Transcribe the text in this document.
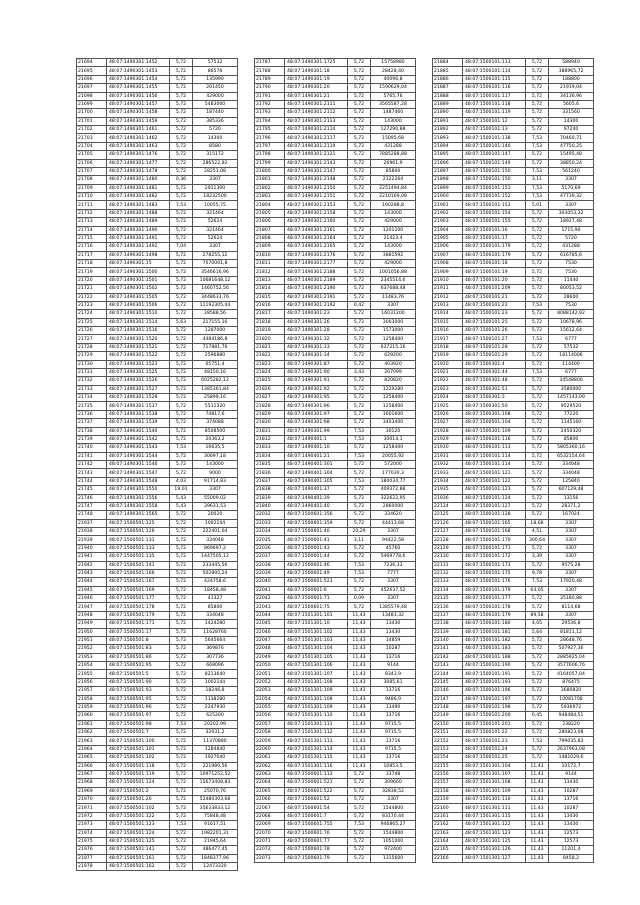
21694	48:07:1490301:1452	5,72	57532
21695	48:07:1490301:1453	5,72	86576
21696	48:07:1490301:1454	5,72	135990
21697	48:07:1490301:1455	5,72	201450
21698	48:07:1490301:1456	5,72	429000
21699	48:07:1490301:1457	5,72	5483000
21700	48:07:1490301:1458	5,72	187440
21701	48:07:1490301:1459	5,72	385336
21702	48:07:1490301:1461	5,72	5720
21703	48:07:1490301:1462	5,72	14300
21704	48:07:1490301:1463	5,72	8580
21705	48:07:1490301:1476	5,72	315172
21706	48:07:1490301:1477	5,72	286522,92
21707	48:07:1490301:1478	5,72	28251,08
21708	48:07:1490301:1480	0,36	3307
21709	48:07:1490301:1481	5,72	2911300
21710	48:07:1490301:1482	5,72	18232500
21711	48:07:1490301:1483	7,53	10055,75
21712	48:07:1490301:1488	5,72	321464
21713	48:07:1490301:1489	5,72	52624
21714	48:07:1490301:1490	5,72	321464
21715	48:07:1490301:1491	5,72	52624
21716	48:07:1490301:1492	7,04	3307
21717	48:07:1490301:1498	5,72	278255,12
21718	48:07:1490301:15	5,72	7070001,8
21719	48:07:1490301:1500	5,72	3546616,96
21720	48:07:1490301:1501	5,72	10681648,12
21721	48:07:1490301:1502	5,72	1460752,56
21722	48:07:1490301:1505	5,72	3448633,76
21723	48:07:1490301:1506	5,72	11192305,44
21724	48:07:1490301:1510	5,72	28588,56
21725	48:07:1490301:1514	5,63	217155,16
21726	48:07:1490301:1516	5,72	1287000
21727	48:07:1490301:1520	5,72	4484186,8
21728	48:07:1490301:1521	5,72	717881,76
21729	48:07:1490301:1522	5,72	2596880
21730	48:07:1490301:1523	5,72	65751,4
21731	48:07:1490301:1525	5,72	48150,16
21732	48:07:1490301:1526	5,72	6025282,12
21733	48:07:1490301:1527	5,72	1385361,84
21734	48:07:1490301:1528	5,72	25899,16
21735	48:07:1490301:1537	5,72	5511320
21736	48:07:1490301:1538	5,72	74817,6
21737	48:07:1490301:1539	5,72	374088
21738	48:07:1490301:1540	5,72	8508500
21739	48:07:1490301:1542	5,72	20363,2
21740	48:07:1490301:1543	7,53	16635,5
21741	48:07:1490301:1544	5,72	30697,18
21742	48:07:1490301:1546	5,72	143000
21743	48:07:1490301:1547	5,72	9000
21744	48:07:1490301:1548	4,03	91714,83
21745	48:07:1490301:1550	19,01	3307
21746	48:07:1490301:1556	5,43	55009,02
21747	48:07:1490301:1558	5,43	39631,53
21748	48:07:1490301:1565	5,72	20020
21937	48:07:1500501:125	5,72	1002144
21938	48:07:1500501:126	5,72	222401,04
21939	48:07:1500501:131	5,72	334048
21940	48:07:1500501:133	5,72	869697,2
21941	48:07:1500501:135	5,72	1447505,12
21942	48:07:1500501:141	5,72	233445,56
21943	48:07:1500501:166	5,72	502895,24
21944	48:07:1500501:167	5,72	424758,6
21945	48:07:1500501:169	5,72	18458,48
21946	48:07:1500501:177	5,72	41327
21947	48:07:1500501:178	5,72	85800
21948	48:07:1500501:179	5,72	334048
21949	48:07:1500501:171	5,72	1424280
21950	48:07:1500501:17	5,72	11628760
21951	48:07:1500501:8	5,72	5645664
21952	48:07:1500501:83	5,72	369876
21953	48:07:1500501:86	5,72	307736
21954	48:07:1500501:95	5,72	668096
21955	48:07:1500501:5	5,72	8213640
21956	48:07:1500501:90	5,72	1002144
21957	48:07:1500501:93	5,72	18246,8
21958	48:07:1500501:95	5,72	1138280
21959	48:07:1500501:96	5,72	2247930
21960	48:07:1500501:97	5,72	625200
21961	48:07:1500501:98	7,53	20202,99
21962	48:07:1500501:7	5,72	32031,2
21963	48:07:1500501:100	5,72	11370880
21964	48:07:1500501:101	5,72	1284840
21965	48:07:1500501:102	5,72	1927040
21966	48:07:1500501:118	5,72	221980,56
21967	48:07:1500501:119	5,72	10971252,52
21968	48:07:1500501:124	5,72	15673408,83
21969	48:07:1500501:2	5,72	25070,76
21970	48:07:1500501:26	5,72	52480303,68
21971	48:07:1500501:102	5,72	35633833,12
21972	48:07:1500501:122	5,72	75848,48
21973	48:07:1500501:123	7,53	91617,51
21974	48:07:1500501:124	5,72	1982201,31
21975	48:07:1500501:125	5,72	21945,64
21976	48:07:1500501:141	5,72	486477,45
21977	48:07:1500501:161	5,72	1848377,96
21978	48:07:1500501:162	5,72	12473320
21787	48:07:1490301:1725	5,72	15758980
21788	48:07:1490301:18	5,72	28428,40
21789	48:07:1490301:19	5,72	40096,8
21790	48:07:1490301:20	5,72	1590629,04
21791	48:07:1490301:21	5,72	5765,76
21792	48:07:1490301:2111	5,72	3565587,28
21793	48:07:1490301:2112	5,72	1487460
21794	48:07:1490301:2113	5,72	143000
21795	48:07:1490301:2114	5,72	127290,88
21796	48:07:1490301:2117	5,72	15095,68
21797	48:07:1490301:2119	5,72	431288
21798	48:07:1490301:2121	5,72	7885288,88
21799	48:07:1490301:2143	5,72	26961,9
21800	48:07:1490301:2147	5,72	85800
21801	48:07:1490301:2148	5,72	2122264
21802	48:07:1490301:2150	5,72	2251494,84
21803	48:07:1490301:2151	5,72	2210169,08
21804	48:07:1490301:2153	5,72	160288,8
21805	48:07:1490301:2158	5,72	143000
21806	48:07:1490301:2160	5,72	429000
21807	48:07:1490301:2161	5,72	1201200
21808	48:07:1490301:2164	5,72	21423,4
21809	48:07:1490301:2165	5,72	143000
21810	48:07:1490301:2176	5,72	3881592
21811	48:07:1490301:2177	5,72	429000
21812	48:07:1490301:2188	5,72	1001056,88
21813	48:07:1490301:2189	5,72	2345514,6
21814	48:07:1490301:2190	5,72	637688,48
21815	48:07:1490301:2191	5,72	11483,76
21816	48:07:1490301:2192	0,42	3307
21817	48:07:1490301:23	5,72	16031200
21818	48:07:1490301:26	5,72	3003000
21819	48:07:1490301:28	5,72	1573000
21820	48:07:1490301:32	5,72	1258400
21821	48:07:1490301:33	5,72	637215,16
21822	48:07:1490301:34	5,72	629200
21823	48:07:1490301:87	5,72	403920
21824	48:07:1490301:90	3,43	207099
21825	48:07:1490301:91	5,72	820820
21826	48:07:1490301:92	5,72	1229280
21827	48:07:1490301:95	5,72	1258400
21828	48:07:1490301:96	5,72	1258400
21829	48:07:1490301:97	5,72	1601600
21830	48:07:1490301:98	5,72	3403400
21831	48:07:1490301:99	7,53	30120
21832	48:07:1490401:1	7,53	30014,1
21833	48:07:1490401:10	5,72	1258400
21834	48:07:1490401:21	7,53	20055,92
21835	48:07:1490401:301	5,72	572000
21836	48:07:1490401:304	5,72	177030,3
21837	48:07:1490401:305	7,53	180034,77
21838	48:07:1490401:37	5,72	409372,88
21839	48:07:1490401:39	5,72	322622,95
21840	48:07:1490401:40	5,72	2860000
22032	48:07:1500601:356	5,72	334620
22033	48:07:1500601:359	5,72	44413,68
22034	48:07:1500601:40	20,29	3307
22035	48:07:1500601:41	3,11	94422,58
22036	48:07:1500601:43	5,72	45760
22037	48:07:1500601:44	5,72	5469778,6
22038	48:07:1500601:46	7,53	7236,33
22039	48:07:1500601:49	7,53	7777
22040	48:07:1500601:523	5,72	3307
22041	48:07:1500601:6	5,72	452637,52
22042	48:07:1500601:71	0,09	3307
22043	48:07:1500601:75	5,72	1385579,48
22044	48:07:1501301:101	11,43	13483,32
22045	48:07:1501301:10	11,43	13430
22046	48:07:1501301:102	11,43	13430
22047	48:07:1501301:103	11,43	14859
22048	48:07:1501301:104	11,43	10287
22049	48:07:1501301:105	11,43	13716
22050	48:07:1501301:106	11,43	9144
22051	48:07:1501301:107	11,43	8343,9
22052	48:07:1501301:108	11,43	3085,61
22053	48:07:1501301:109	11,43	13716
22054	48:07:1501301:108	11,43	9486,9
22055	48:07:1501301:109	11,43	13490
22056	48:07:1501301:110	11,43	13716
22057	48:07:1501301:111	11,43	9715,5
22058	48:07:1501301:112	11,43	9715,5
22059	48:07:1501301:113	11,43	13716
22060	48:07:1501301:114	11,43	9715,5
22061	48:07:1501301:115	11,43	13716
22062	48:07:1501301:116	11,43	10853,5
22063	48:07:1500601:113	5,72	33748
22064	48:07:1500601:521	5,72	309660
22065	48:07:1500601:522	5,72	32838,52
22066	48:07:1500601:52	5,72	3307
22067	48:07:1500601:54	5,72	1544800
22068	48:07:1500601:7	5,72	83170,44
22069	48:07:1500601:755	7,53	946865,27
22070	48:07:1500601:76	5,72	1544800
22071	48:07:1500601:77	5,72	1051000
22072	48:07:1500601:78	5,72	972400
22073	48:07:1500601:79	5,72	1315600
21884	48:07:1500101:113	5,72	588940
21885	48:07:1500101:114	5,72	388965,72
21886	48:07:1500101:115	5,72	188800
21887	48:07:1500101:116	5,72	21919,04
21888	48:07:1500101:117	5,72	34136,96
21889	48:07:1500101:118	5,72	5605,6
21890	48:07:1500101:119	5,72	331560
21891	48:07:1500101:12	5,72	14300
21892	48:07:1500101:13	5,72	97240
21893	48:07:1500101:138	7,53	70460,71
21894	48:07:1500101:140	7,53	47750,25
21895	48:07:1500101:147	5,72	15495,48
21896	48:07:1500101:149	5,72	38850,24
21897	48:07:1500101:150	7,53	561240
21898	48:07:1500101:150	3,11	3307
21899	48:07:1500101:151	7,53	5170,69
21900	48:07:1500101:152	7,53	47739,32
21901	48:07:1500101:153	5,01	3307
21902	48:07:1500101:154	5,72	303053,32
21903	48:07:1500101:155	5,72	18927,48
21904	48:07:1500101:16	5,72	1715,90
21905	48:07:1500101:17	5,72	5720
21906	48:07:1500101:179	5,72	431288
21907	48:07:1500101:179	5,72	616785,6
21908	48:07:1500101:18	5,72	7530
21909	48:07:1500101:19	5,72	7530
21910	48:07:1500101:20	5,72	11440
21911	48:07:1500101:209	5,72	80053,52
21912	48:07:1500101:21	5,72	28600
21913	48:07:1500101:22	7,53	7530
21914	48:07:1500101:23	5,72	8088142,92
21915	48:07:1500101:25	5,72	10678,96
21916	48:07:1500101:26	5,72	15612,64
21917	48:07:1500101:27	7,53	6777
21918	48:07:1500101:28	5,72	57532
21919	48:07:1500101:29	5,72	18114006
21920	48:07:1500301:4	5,72	114400
21921	48:07:1500301:44	7,53	6777
21922	48:07:1500301:48	5,72	34548800
21923	48:07:1500301:51	5,72	3580000
21924	48:07:1500301:3	5,72	1457143,09
21925	48:07:1500301:50	5,72	9529520
21926	48:07:1500301:108	5,72	77220
21927	48:07:1500501:104	5,72	1145160
21928	48:07:1500301:109	5,72	2450320
21929	48:07:1500101:116	5,72	85800
21930	48:07:1500101:113	5,72	5805360,16
21931	48:07:1500101:114	5,72	6532154,64
21932	48:07:1500101:114	5,72	334048
21933	48:07:1500101:121	5,72	334048
21934	48:07:1500101:122	5,72	125840
21935	48:07:1500101:123	5,72	607129,48
21936	48:07:1500101:124	5,72	13156
22124	48:07:1500101:127	5,72	28371,2
22125	48:07:1500101:128	5,72	167024
22126	48:07:1500101:165	18,68	3307
22127	48:07:1500101:168	4,51	3307
22128	48:07:1500101:170	300,64	3307
22129	48:07:1500101:171	5,72	3307
22130	48:07:1500101:172	3,39	3307
22131	48:07:1500101:173	5,72	9575,28
22132	48:07:1500101:175	9,78	3307
22133	48:07:1500101:176	7,53	17920,48
22134	48:07:1500101:179	64,05	3307
22135	48:07:1500101:177	5,72	35180,88
22136	48:07:1500101:178	5,72	8114,68
22137	48:07:1500101:179	89,58	3307
22138	48:07:1500101:180	4,05	29536,8
22139	48:07:1500101:181	5,64	81811,12
22140	48:07:1500101:182	5,72	28648,76
22141	48:07:1500101:183	5,72	507927,36
22142	48:07:1500101:188	5,72	2885925,04
22143	48:07:1500101:190	5,72	3577606,76
22144	48:07:1500101:191	5,72	4164057,04
22145	48:07:1500101:193	5,72	876475
22146	48:07:1500101:196	5,72	3680820
22147	48:07:1500101:197	5,72	10081708
22148	48:07:1500101:198	5,72	5936972
22149	48:07:1500101:200	6,45	948484,51
22150	48:07:1500101:201	5,72	238220
22151	48:07:1500101:22	5,72	280823,08
22152	48:07:1500101:23	7,53	799035,83
22153	48:07:1500101:24	5,72	2637963,08
22154	48:07:1500101:25	5,72	1481029,6
22155	48:07:1501301:104	11,43	10172,7
22156	48:07:1501301:107	11,43	9144
22157	48:07:1501301:108	11,43	13430
22158	48:07:1501301:109	11,43	10287
22159	48:07:1501301:110	11,43	13716
22160	48:07:1501301:111	11,43	10287
22161	48:07:1501301:115	11,43	13430
22162	48:07:1501301:122	11,43	13430
22163	48:07:1501301:123	11,43	12573
22164	48:07:1501301:125	11,43	12573
22165	48:07:1501301:126	11,43	11201,4
22166	48:07:1501301:127	11,43	8458,2
